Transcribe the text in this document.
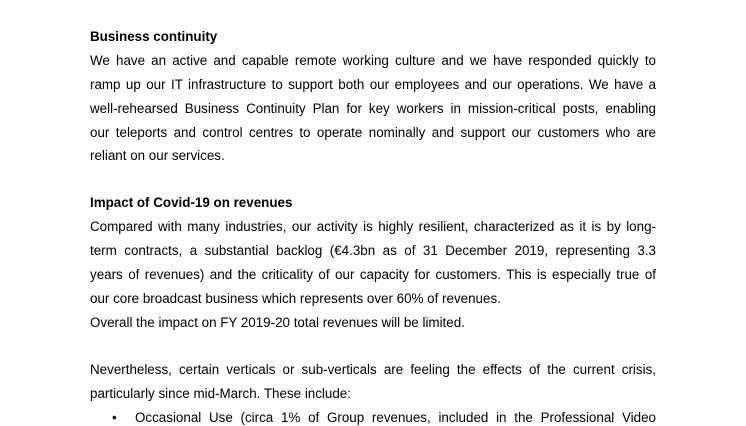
Business continuity
We have an active and capable remote working culture and we have responded quickly to
ramp up our IT infrastructure to support both our employees and our operations. We have a
well-rehearsed Business Continuity Plan for key workers in mission-critical posts, enabling
our teleports and control centres to operate nominally and support our customers who are
reliant on our services.
Impact of Covid-19 on revenues
Compared with many industries, our activity is highly resilient, characterized as it is by long-
term contracts, a substantial backlog (€4.3bn as of 31 December 2019, representing 3.3
years of revenues) and the criticality of our capacity for customers. This is especially true of
our core broadcast business which represents over 60% of revenues.
Overall the impact on FY 2019-20 total revenues will be limited.
Nevertheless, certain verticals or sub-verticals are feeling the effects of the current crisis,
particularly since mid-March. These include:
• Occasional Use (circa 1% of Group revenues, included in the Professional Video
